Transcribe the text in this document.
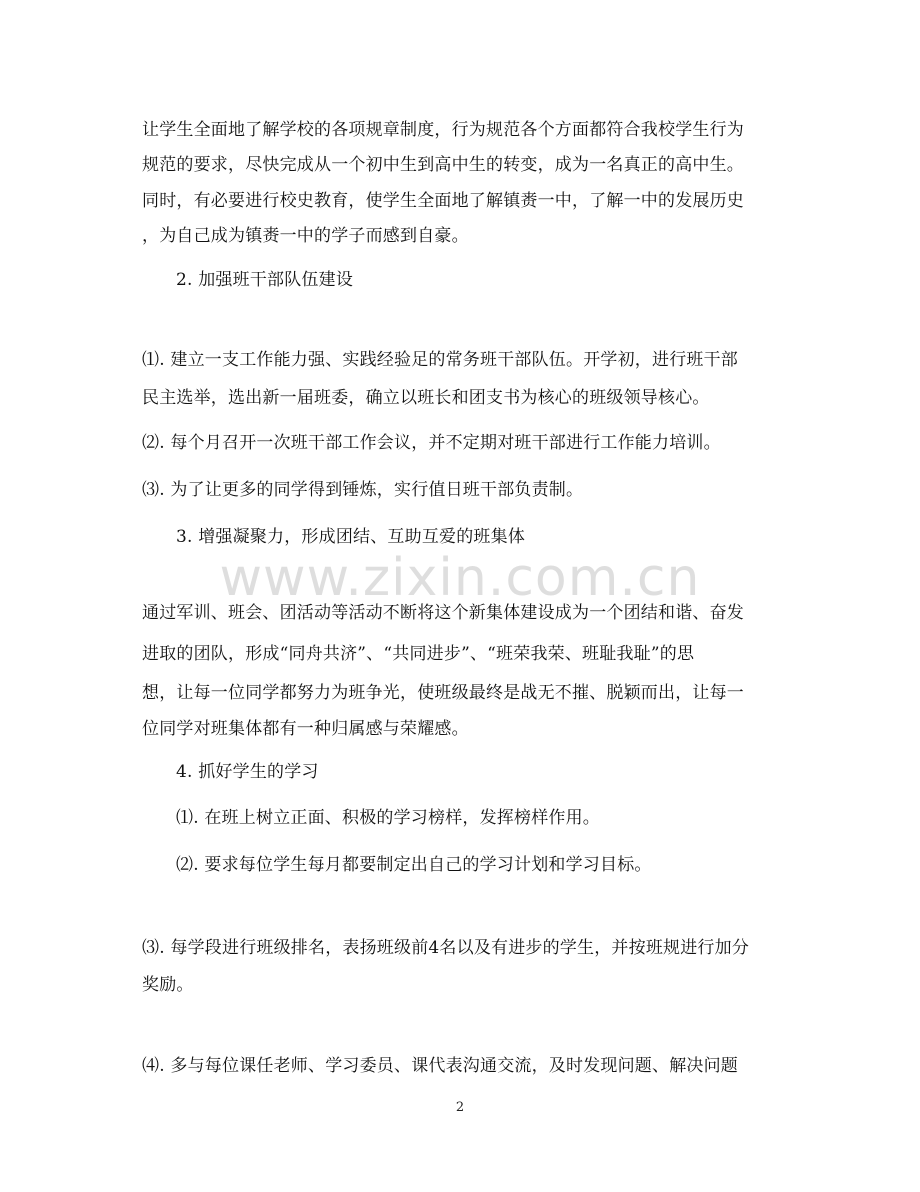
www.zixin.com.cn
让学生全面地了解学校的各项规章制度，行为规范各个方面都符合我校学生行为
规范的要求，尽快完成从一个初中生到高中生的转变，成为一名真正的高中生。
同时，有必要进行校史教育，使学生全面地了解镇赉一中，了解一中的发展历史
，为自己成为镇赉一中的学子而感到自豪。
2. 加强班干部队伍建设
⑴. 建立一支工作能力强、实践经验足的常务班干部队伍。开学初，进行班干部
民主选举，选出新一届班委，确立以班长和团支书为核心的班级领导核心。
⑵. 每个月召开一次班干部工作会议，并不定期对班干部进行工作能力培训。
⑶. 为了让更多的同学得到锤炼，实行值日班干部负责制。
3. 增强凝聚力，形成团结、互助互爱的班集体
通过军训、班会、团活动等活动不断将这个新集体建设成为一个团结和谐、奋发
进取的团队，形成“同舟共济”、“共同进步”、“班荣我荣、班耻我耻”的思
想，让每一位同学都努力为班争光，使班级最终是战无不摧、脱颖而出，让每一
位同学对班集体都有一种归属感与荣耀感。
4. 抓好学生的学习
⑴. 在班上树立正面、积极的学习榜样，发挥榜样作用。
⑵. 要求每位学生每月都要制定出自己的学习计划和学习目标。
⑶. 每学段进行班级排名，表扬班级前4名以及有进步的学生，并按班规进行加分
奖励。
⑷. 多与每位课任老师、学习委员、课代表沟通交流，及时发现问题、解决问题
2
